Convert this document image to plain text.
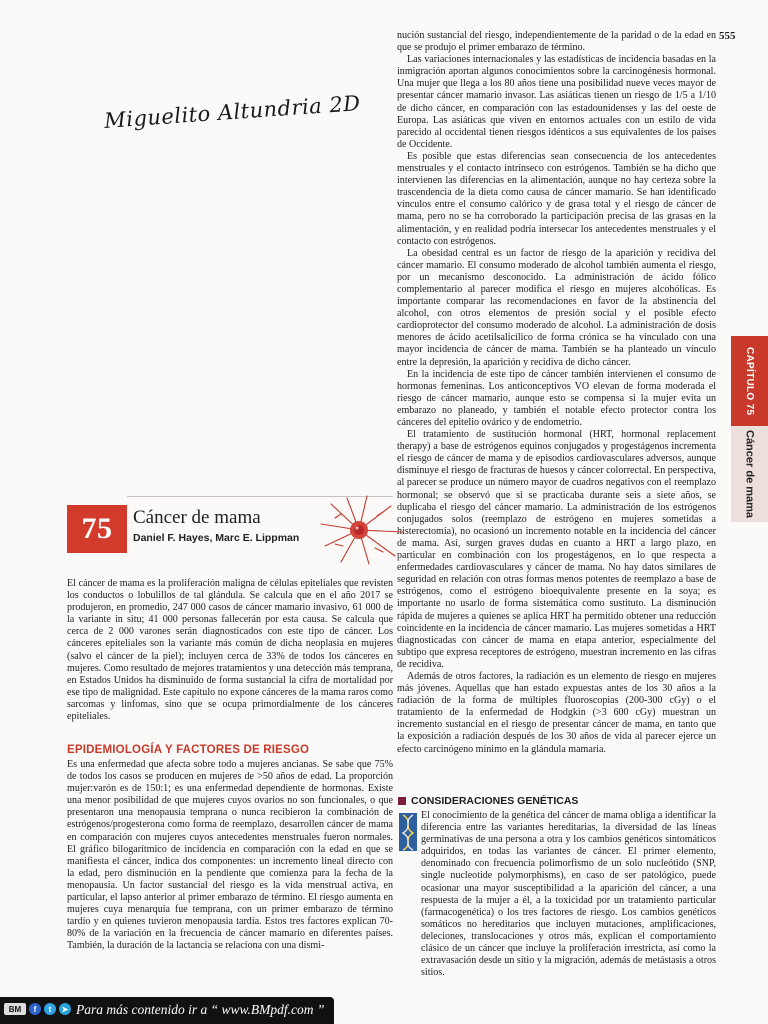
555
Miguelito Altundria 2D

nución sustancial del riesgo, independientemente de la paridad o de la edad en que se produjo el primer embarazo de término.

Las variaciones internacionales y las estadísticas de incidencia basadas en la inmigración aportan algunos conocimientos sobre la carcinogénesis hormonal. Una mujer que llega a los 80 años tiene una posibilidad nueve veces mayor de presentar cáncer mamario invasor. Las asiáticas tienen un riesgo de 1/5 a 1/10 de dicho cáncer, en comparación con las estadounidenses y las del oeste de Europa. Las asiáticas que viven en entornos actuales con un estilo de vida parecido al occidental tienen riesgos idénticos a sus equivalentes de los países de Occidente.

Es posible que estas diferencias sean consecuencia de los antecedentes menstruales y el contacto intrínseco con estrógenos. También se ha dicho que intervienen las diferencias en la alimentación, aunque no hay certeza sobre la trascendencia de la dieta como causa de cáncer mamario. Se han identificado vínculos entre el consumo calórico y de grasa total y el riesgo de cáncer de mama, pero no se ha corroborado la participación precisa de las grasas en la alimentación, y en realidad podría intersecar los antecedentes menstruales y el contacto con estrógenos.

La obesidad central es un factor de riesgo de la aparición y recidiva del cáncer mamario. El consumo moderado de alcohol también aumenta el riesgo, por un mecanismo desconocido. La administración de ácido fólico complementario al parecer modifica el riesgo en mujeres alcohólicas. Es importante comparar las recomendaciones en favor de la abstinencia del alcohol, con otros elementos de presión social y el posible efecto cardioprotector del consumo moderado de alcohol. La administración de dosis menores de ácido acetilsalicílico de forma crónica se ha vinculado con una mayor incidencia de cáncer de mama. También se ha planteado un vínculo entre la depresión, la aparición y recidiva de dicho cáncer.

En la incidencia de este tipo de cáncer también intervienen el consumo de hormonas femeninas. Los anticonceptivos VO elevan de forma moderada el riesgo de cáncer mamario, aunque esto se compensa si la mujer evita un embarazo no planeado, y también el notable efecto protector contra los cánceres del epitelio ovárico y de endometrio.

El tratamiento de sustitución hormonal (HRT, hormonal replacement therapy) a base de estrógenos equinos conjugados y progestágenos incrementa el riesgo de cáncer de mama y de episodios cardiovasculares adversos, aunque disminuye el riesgo de fracturas de huesos y cáncer colorrectal. En perspectiva, al parecer se produce un número mayor de cuadros negativos con el reemplazo hormonal; se observó que si se practicaba durante seis a siete años, se duplicaba el riesgo del cáncer mamario. La administración de los estrógenos conjugados solos (reemplazo de estrógeno en mujeres sometidas a histerectomía), no ocasionó un incremento notable en la incidencia del cáncer de mama. Así, surgen graves dudas en cuanto a HRT a largo plazo, en particular en combinación con los progestágenos, en lo que respecta a enfermedades cardiovasculares y cáncer de mama. No hay datos similares de seguridad en relación con otras formas menos potentes de reemplazo a base de estrógenos, como el estrógeno bioequivalente presente en la soya; es importante no usarlo de forma sistemática como sustituto. La disminución rápida de mujeres a quienes se aplica HRT ha permitido obtener una reducción coincidente en la incidencia de cáncer mamario. Las mujeres sometidas a HRT diagnosticadas con cáncer de mama en etapa anterior, especialmente del subtipo que expresa receptores de estrógeno, muestran incremento en las cifras de recidiva.

Además de otros factores, la radiación es un elemento de riesgo en mujeres más jóvenes. Aquellas que han estado expuestas antes de los 30 años a la radiación de la forma de múltiples fluoroscopias (200-300 cGy) o el tratamiento de la enfermedad de Hodgkin (>3 600 cGy) muestran un incremento sustancial en el riesgo de presentar cáncer de mama, en tanto que la exposición a radiación después de los 30 años de vida al parecer ejerce un efecto carcinógeno mínimo en la glándula mamaria.

75 Cáncer de mama
Daniel F. Hayes, Marc E. Lippman

El cáncer de mama es la proliferación maligna de células epiteliales que revisten los conductos o lobulillos de tal glándula. Se calcula que en el año 2017 se produjeron, en promedio, 247 000 casos de cáncer mamario invasivo, 61 000 de la variante in situ; 41 000 personas fallecerán por esta causa. Se calcula que cerca de 2 000 varones serán diagnosticados con este tipo de cáncer. Los cánceres epiteliales son la variante más común de dicha neoplasia en mujeres (salvo el cáncer de la piel); incluyen cerca de 33% de todos los cánceres en mujeres. Como resultado de mejores tratamientos y una detección más temprana, en Estados Unidos ha disminuido de forma sustancial la cifra de mortalidad por ese tipo de malignidad. Este capítulo no expone cánceres de la mama raros como sarcomas y linfomas, sino que se ocupa primordialmente de los cánceres epiteliales.

EPIDEMIOLOGÍA Y FACTORES DE RIESGO

Es una enfermedad que afecta sobre todo a mujeres ancianas. Se sabe que 75% de todos los casos se producen en mujeres de >50 años de edad. La proporción mujer:varón es de 150:1; es una enfermedad dependiente de hormonas. Existe una menor posibilidad de que mujeres cuyos ovarios no son funcionales, o que presentaron una menopausia temprana o nunca recibieron la combinación de estrógenos/progesterona como forma de reemplazo, desarrollen cáncer de mama en comparación con mujeres cuyos antecedentes menstruales fueron normales. El gráfico bilogarítmico de incidencia en comparación con la edad en que se manifiesta el cáncer, indica dos componentes: un incremento lineal directo con la edad, pero disminución en la pendiente que comienza para la fecha de la menopausia. Un factor sustancial del riesgo es la vida menstrual activa, en particular, el lapso anterior al primer embarazo de término. El riesgo aumenta en mujeres cuya menarquía fue temprana, con un primer embarazo de término tardío y en quienes tuvieron menopausia tardía. Estos tres factores explican 70-80% de la variación en la frecuencia de cáncer mamario en diferentes países. También, la duración de la lactancia se relaciona con una dismi-

CONSIDERACIONES GENÉTICAS

El conocimiento de la genética del cáncer de mama obliga a identificar la diferencia entre las variantes hereditarias, la diversidad de las líneas germinativas de una persona a otra y los cambios genéticos sintomáticos adquiridos, en todas las variantes de cáncer. El primer elemento, denominado con frecuencia polimorfismo de un solo nucleótido (SNP, single nucleotide polymorphisms), en caso de ser patológico, puede ocasionar una mayor susceptibilidad a la aparición del cáncer, a una respuesta de la mujer a él, a la toxicidad por un tratamiento particular (farmacogenética) o los tres factores de riesgo. Los cambios genéticos somáticos no hereditarios que incluyen mutaciones, amplificaciones, deleciones, translocaciones y otros más, explican el comportamiento clásico de un cáncer que incluye la proliferación irrestricta, así como la extravasación desde un sitio y la migración, además de metástasis a otros sitios.

CAPÍTULO 75
Cáncer de mama
BM	f	t	➤ Para más contenido ir a “ www.BMpdf.com ”
